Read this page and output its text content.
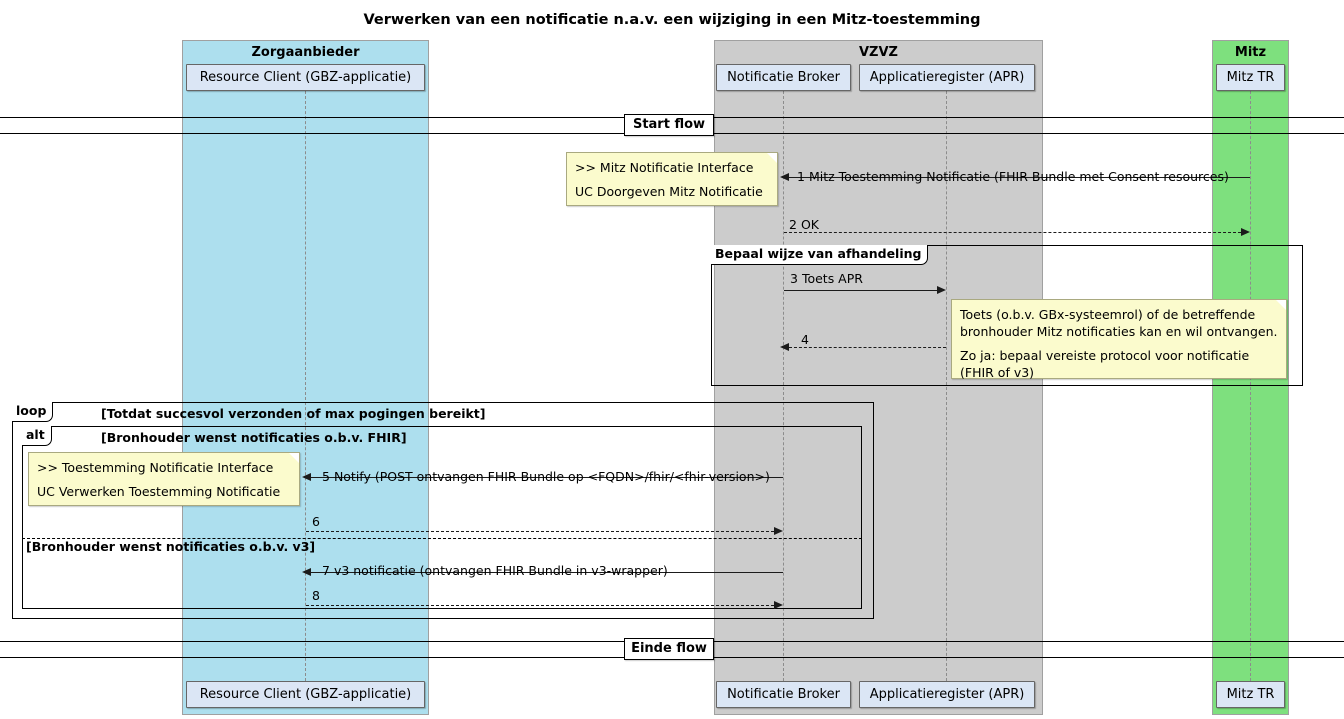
Verwerken van een notificatie n.a.v. een wijziging in een Mitz-toestemming
Zorgaanbieder	VZVZ	Mitz
Resource Client (GBZ-applicatie)	Notificatie Broker	Applicatieregister (APR)	Mitz TR
Resource Client (GBZ-applicatie)	Notificatie Broker	Applicatieregister (APR)	Mitz TR
Start flow
1 Mitz Toestemming Notificatie (FHIR Bundle met Consent resources)
>> Mitz Notificatie Interface
UC Doorgeven Mitz Notificatie
2 OK
Bepaal wijze van afhandeling
3 Toets APR
Toets (o.b.v. GBx-systeemrol) of de betreffende
bronhouder Mitz notificaties kan en wil ontvangen.
Zo ja: bepaal vereiste protocol voor notificatie
(FHIR of v3)
4
loop	[Totdat succesvol verzonden of max pogingen bereikt]
alt	[Bronhouder wenst notificaties o.b.v. FHIR]
[Bronhouder wenst notificaties o.b.v. v3]
>> Toestemming Notificatie Interface
UC Verwerken Toestemming Notificatie
5 Notify (POST ontvangen FHIR Bundle op <FQDN>/fhir/<fhir-version>)
6
7 v3 notificatie (ontvangen FHIR Bundle in v3-wrapper)
8
Einde flow
